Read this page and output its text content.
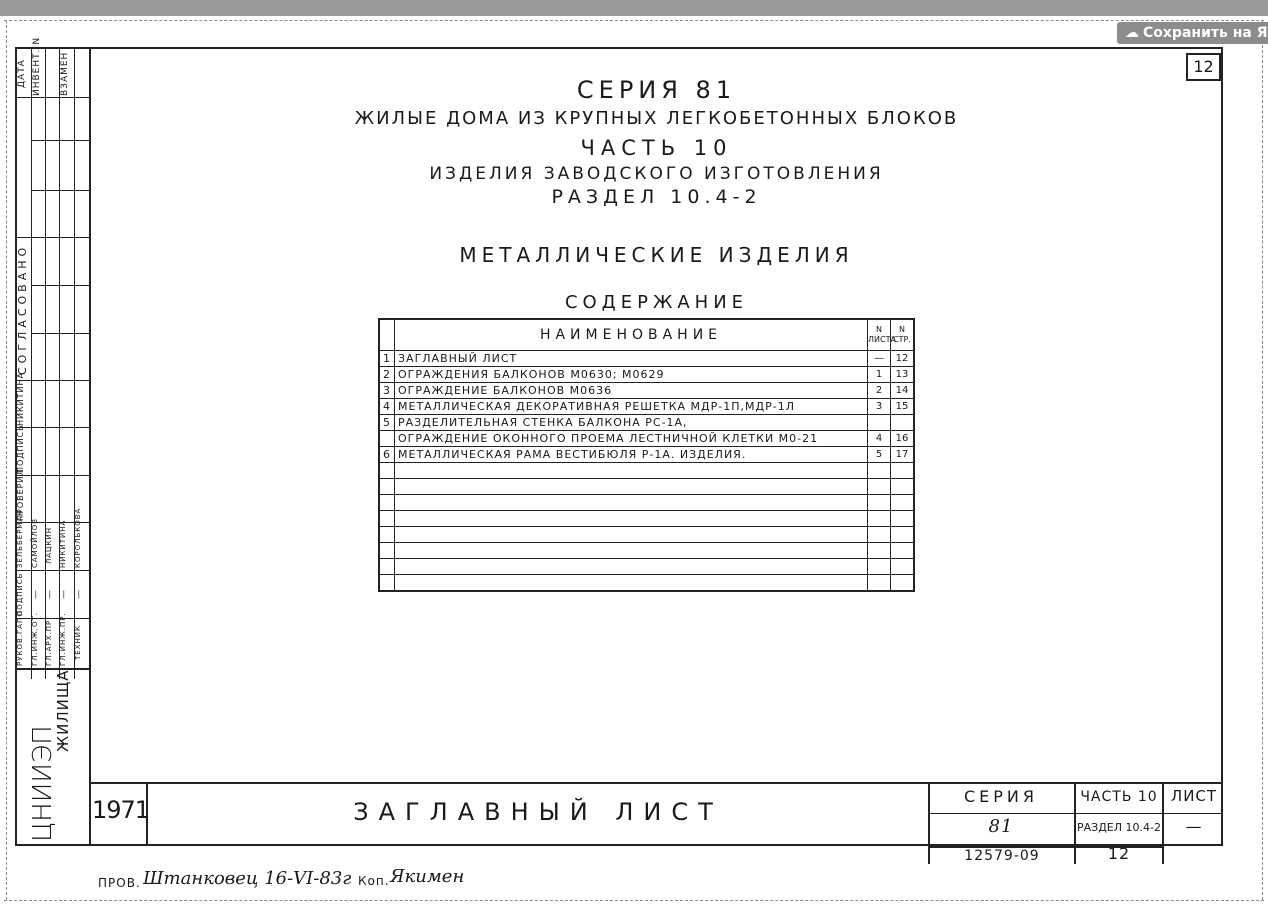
☁ Сохранить на Я
12
ДАТА ИНВЕНТ. N	ВЗАМЕН
СОГЛАСОВАНО
НИКИТИНА
ПОДПИСЬ
ПРОВЕРИЛ
РУКОВ.ГАПО	ГЛ.ИНЖ.ОТ. ГЛ.АРХ.ПР. ГЛ.ИНЖ.ПР.	ТЕХНИК
ПОДПИСЬ — — — —
ЗЕЛЬБЕРМАН	САМОЙЛОВ ЛАЦКИН НИКИТИНА	КОРОЛЬКОВА
ЦНИИЭП
ЖИЛИЩА
СЕРИЯ 81
ЖИЛЫЕ ДОМА ИЗ КРУПНЫХ ЛЕГКОБЕТОННЫХ БЛОКОВ
ЧАСТЬ 10
ИЗДЕЛИЯ ЗАВОДСКОГО ИЗГОТОВЛЕНИЯ
РАЗДЕЛ 10.4-2
МЕТАЛЛИЧЕСКИЕ ИЗДЕЛИЯ
СОДЕРЖАНИЕ
	НАИМЕНОВАНИЕ	N ЛИСТА	N СТР.
1	ЗАГЛАВНЫЙ ЛИСТ	—	12
2	ОГРАЖДЕНИЯ БАЛКОНОВ М0630; М0629	1	13
3	ОГРАЖДЕНИЕ БАЛКОНОВ М0636	2	14
4	МЕТАЛЛИЧЕСКАЯ ДЕКОРАТИВНАЯ РЕШЕТКА МДР-1П,МДР-1Л	3	15
5	РАЗДЕЛИТЕЛЬНАЯ СТЕНКА БАЛКОНА РС-1А,		
	ОГРАЖДЕНИЕ ОКОННОГО ПРОЕМА ЛЕСТНИЧНОЙ КЛЕТКИ М0-21	4	16
6	МЕТАЛЛИЧЕСКАЯ РАМА ВЕСТИБЮЛЯ Р-1А. ИЗДЕЛИЯ.	5	17

1971	ЗАГЛАВНЫЙ ЛИСТ
СЕРИЯ
81
ЧАСТЬ 10
РАЗДЕЛ 10.4-2
ЛИСТ
—
12579-09	12
ПРОВ. Штанковец 16-VI-83г Коп. Якимен
